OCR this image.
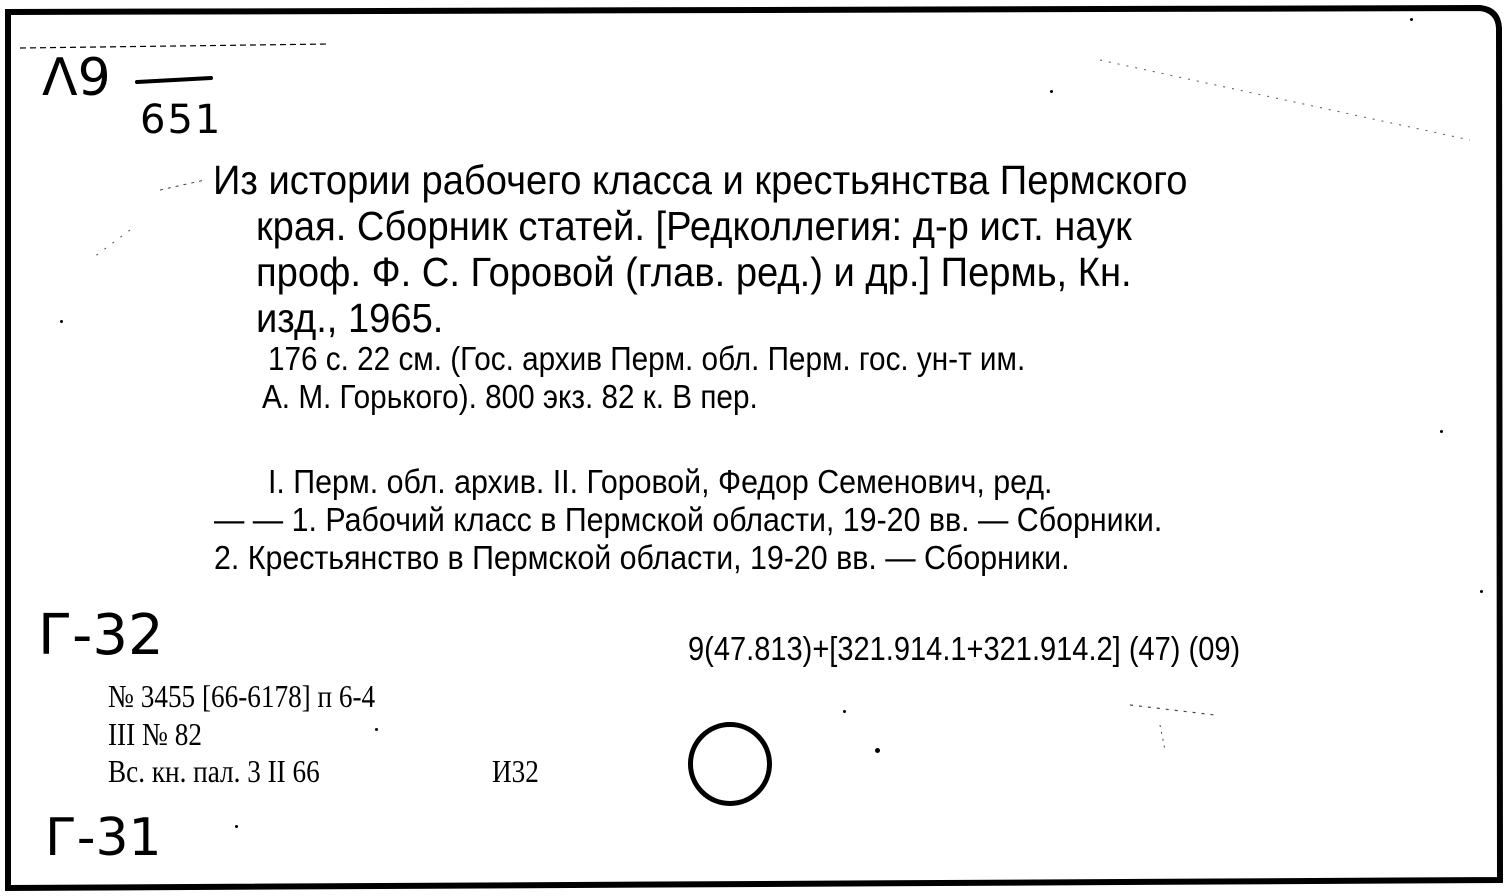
Λ9
651
Г-32
Г-31
Из истории рабочего класса и крестьянства Пермского
края. Сборник статей. [Редколлегия: д-р ист. наук
проф. Ф. С. Горовой (глав. ред.) и др.] Пермь, Кн.
изд., 1965.
176 с. 22 см. (Гос. архив Перм. обл. Перм. гос. ун-т им.
А. М. Горького). 800 экз. 82 к. В пер.
I. Перм. обл. архив. II. Горовой, Федор Семенович, ред.
— — 1. Рабочий класс в Пермской области, 19-20 вв. — Сборники.
2. Крестьянство в Пермской области, 19-20 вв. — Сборники.
9(47.813)+[321.914.1+321.914.2] (47) (09)
№ 3455 [66-6178] п 6-4
III № 82
Вс. кн. пал. 3 II 66	И32
